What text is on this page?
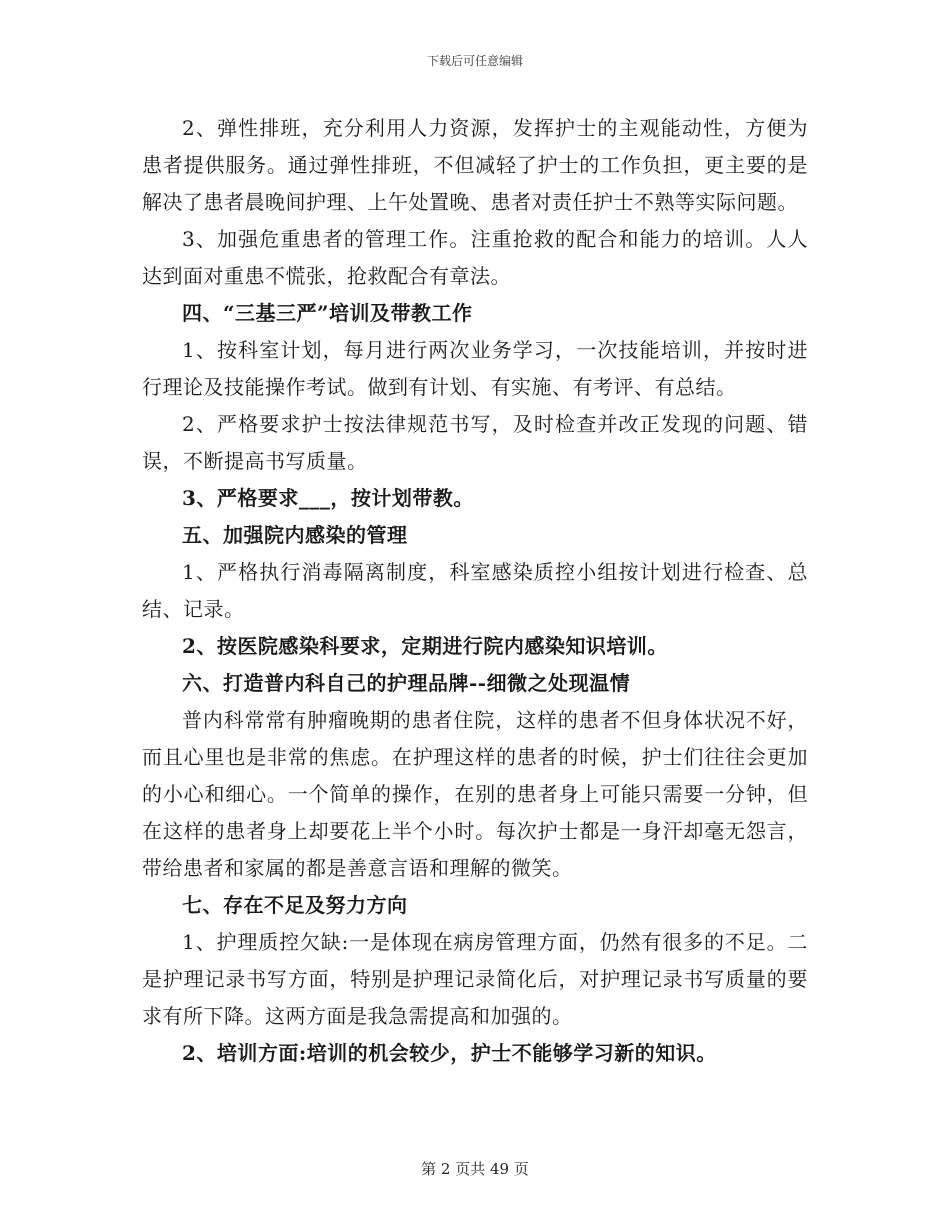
下载后可任意编辑

2、弹性排班，充分利用人力资源，发挥护士的主观能动性，方便为患者提供服务。通过弹性排班，不但减轻了护士的工作负担，更主要的是解决了患者晨晚间护理、上午处置晚、患者对责任护士不熟等实际问题。

3、加强危重患者的管理工作。注重抢救的配合和能力的培训。人人达到面对重患不慌张，抢救配合有章法。

四、“三基三严”培训及带教工作

1、按科室计划，每月进行两次业务学习，一次技能培训，并按时进行理论及技能操作考试。做到有计划、有实施、有考评、有总结。

2、严格要求护士按法律规范书写，及时检查并改正发现的问题、错误，不断提高书写质量。

3、严格要求___，按计划带教。

五、加强院内感染的管理

1、严格执行消毒隔离制度，科室感染质控小组按计划进行检查、总结、记录。

2、按医院感染科要求，定期进行院内感染知识培训。

六、打造普内科自己的护理品牌--细微之处现温情

普内科常常有肿瘤晚期的患者住院，这样的患者不但身体状况不好，而且心里也是非常的焦虑。在护理这样的患者的时候，护士们往往会更加的小心和细心。一个简单的操作，在别的患者身上可能只需要一分钟，但在这样的患者身上却要花上半个小时。每次护士都是一身汗却毫无怨言，带给患者和家属的都是善意言语和理解的微笑。

七、存在不足及努力方向

1、护理质控欠缺:一是体现在病房管理方面，仍然有很多的不足。二是护理记录书写方面，特别是护理记录简化后，对护理记录书写质量的要求有所下降。这两方面是我急需提高和加强的。

2、培训方面:培训的机会较少，护士不能够学习新的知识。

第 2 页共 49 页
